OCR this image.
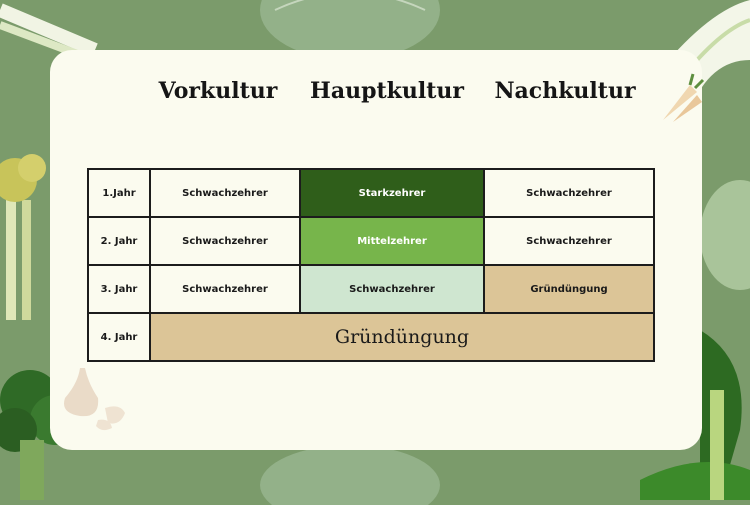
Vorkultur	Hauptkultur	Nachkultur
1.Jahr	Schwachzehrer	Starkzehrer	Schwachzehrer
2. Jahr	Schwachzehrer	Mittelzehrer	Schwachzehrer
3. Jahr	Schwachzehrer	Schwachzehrer	Gründüngung
4. Jahr	Gründüngung		
